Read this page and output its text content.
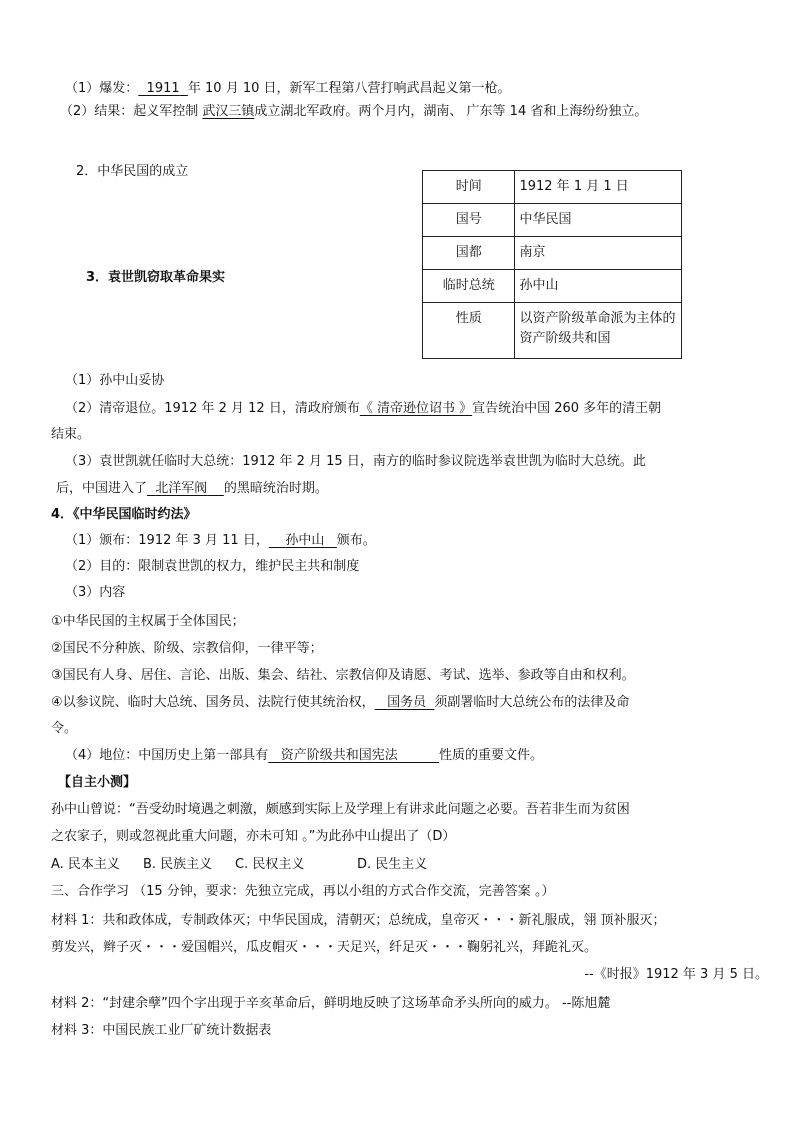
（1）爆发： 1911 年 10 月 10 日，新军工程第八营打响武昌起义第一枪。
（2）结果：起义军控制 武汉三镇成立湖北军政府。两个月内，湖南、 广东等 14 省和上海纷纷独立。
2．中华民国的成立
时间	1912 年 1 月 1 日
国号	中华民国
国都	南京
临时总统	孙中山
性质	以资产阶级革命派为主体的资产阶级共和国
3．袁世凯窃取革命果实
（1）孙中山妥协
（2）清帝退位。1912 年 2 月 12 日，清政府颁布《 清帝逊位诏书 》宣告统治中国 260 多年的清王朝
结束。
（3）袁世凯就任临时大总统：1912 年 2 月 15 日，南方的临时参议院选举袁世凯为临时大总统。此
后，中国进入了 北洋军阀 的黑暗统治时期。
4．《中华民国临时约法》
（1）颁布：1912 年 3 月 11 日， 孙中山 颁布。
（2）目的：限制袁世凯的权力，维护民主共和制度
（3）内容
①中华民国的主权属于全体国民；
②国民不分种族、阶级、宗教信仰，一律平等；
③国民有人身、居住、言论、出版、集会、结社、宗教信仰及请愿、考试、选举、参政等自由和权利。
④以参议院、临时大总统、国务员、法院行使其统治权， 国务员 须副署临时大总统公布的法律及命
令。
（4）地位：中国历史上第一部具有 资产阶级共和国宪法	性质的重要文件。
【自主小测】
孙中山曾说：“吾受幼时境遇之刺激，颇感到实际上及学理上有讲求此问题之必要。吾若非生而为贫困
之农家子，则或忽视此重大问题，亦未可知 。”为此孙中山提出了（D）
A. 民本主义 B. 民族主义 C. 民权主义	D. 民生主义
三、合作学习 （15 分钟，要求：先独立完成，再以小组的方式合作交流，完善答案 。）
材料 1：共和政体成，专制政体灭；中华民国成，清朝灭；总统成，皇帝灭・・・新礼服成，翎 顶补服灭；
剪发兴，辫子灭・・・爱国帽兴，瓜皮帽灭・・・天足兴，纤足灭・・・鞠躬礼兴，拜跪礼灭。
--《时报》1912 年 3 月 5 日。
材料 2：“封建余孽”四个字出现于辛亥革命后，鲜明地反映了这场革命矛头所向的威力。 --陈旭麓
材料 3：中国民族工业厂矿统计数据表
